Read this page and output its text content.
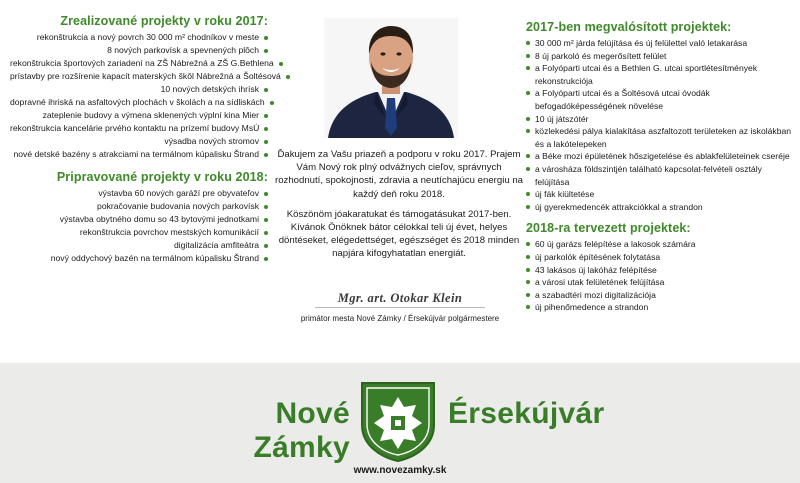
Zrealizované projekty v roku 2017:
rekonštrukcia a nový povrch 30 000 m² chodníkov v meste
8 nových parkovísk a spevnených plôch
rekonštrukcia športových zariadení na ZŠ Nábrežná a ZŠ G.Bethlena
prístavby pre rozšírenie kapacít materských škôl Nábrežná a Šoltésová
10 nových detských ihrísk
dopravné ihriská na asfaltových plochách v školách a na sídliskách
zateplenie budovy a výmena sklenených výplní kina Mier
rekonštrukcia kancelárie prvého kontaktu na prízemí budovy MsÚ
výsadba nových stromov
nové detské bazény s atrakciami na termálnom kúpalisku Štrand
Pripravované projekty v roku 2018:
výstavba 60 nových garáží pre obyvateľov
pokračovanie budovania nových parkovísk
výstavba obytného domu so 43 bytovými jednotkami
rekonštrukcia povrchov mestských komunikácií
digitalizácia amfiteátra
nový oddychový bazén na termálnom kúpalisku Štrand

Ďakujem za Vašu priazeň a podporu v roku 2017. Prajem Vám Nový rok plný odvážnych cieľov, správnych rozhodnutí, spokojnosti, zdravia a neutíchajúcu energiu na každý deň roku 2018.

Köszönöm jóakaratukat és támogatásukat 2017-ben. Kívánok Önöknek bátor célokkal teli új évet, helyes döntéseket, elégedettséget, egészséget és 2018 minden napjára kifogyhatatlan energiát.

Mgr. art. Otokar Klein
primátor mesta Nové Zámky / Érsekújvár polgármestere
2017-ben megvalósított projektek:
30 000 m² járda felújítása és új felülettel való letakarása
8 új parkoló és megerősített felület
a Folyóparti utcai és a Bethlen G. utcai sportlétesítmények rekonstrukciója
a Folyóparti utcai és a Šoltésová utcai óvodák befogadóképességének növelése
10 új játszótér
közlekedési pálya kialakítása aszfaltozott területeken az iskolákban és a lakótelepeken
a Béke mozi épületének hőszigetelése és ablakfelületeinek cseréje
a városháza földszintjén található kapcsolat-felvételi osztály felújítása
új fák kiültetése
új gyerekmedencék attrakciókkal a strandon
2018-ra tervezett projektek:
60 új garázs felépítése a lakosok számára
új parkolók építésének folytatása
43 lakásos új lakóház felépítése
a városi utak felületének felújítása
a szabadtéri mozi digitalizációja
új pihenőmedence a strandon
Nové Zámky
Érsekújvár
www.novezamky.sk
